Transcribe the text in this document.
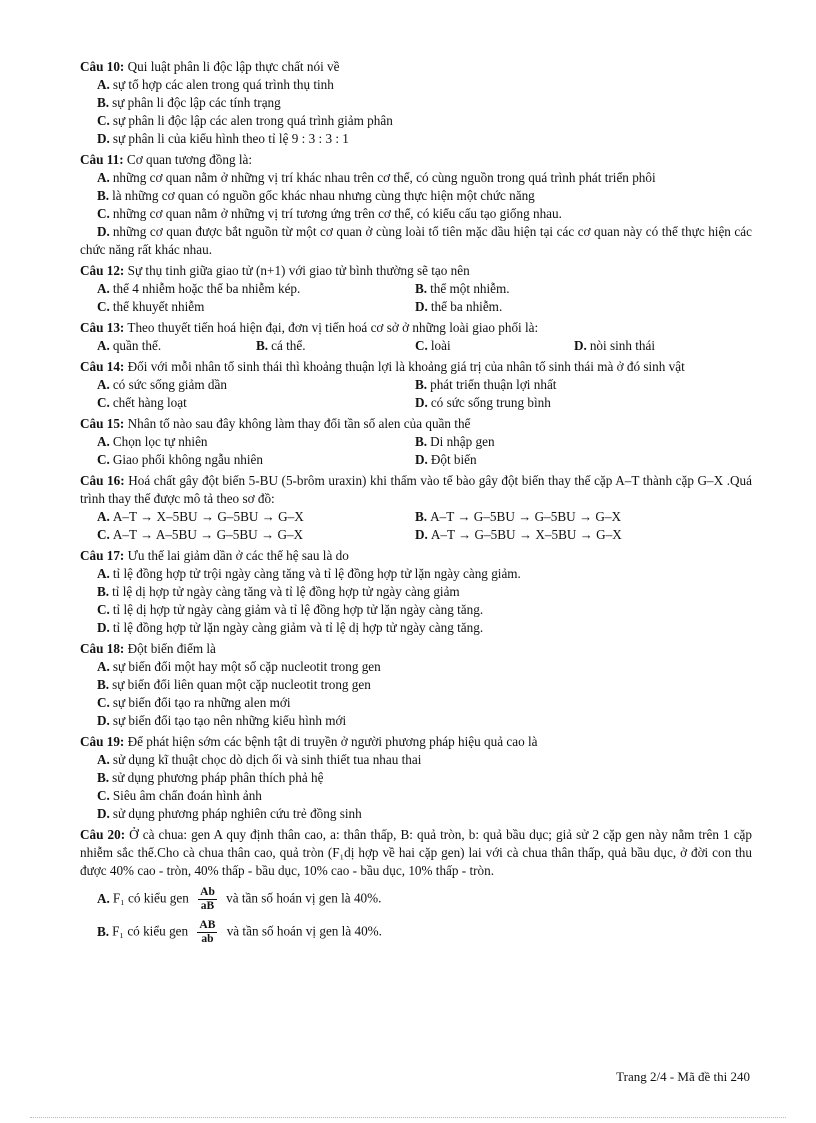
Câu 10: Qui luật phân li độc lập thực chất nói về
A. sự tổ hợp các alen trong quá trình thụ tinh
B. sự phân li độc lập các tính trạng
C. sự phân li độc lập các alen trong quá trình giảm phân
D. sự phân li của kiểu hình theo tỉ lệ 9 : 3 : 3 : 1
Câu 11: Cơ quan tương đồng là:
A. những cơ quan nằm ở những vị trí khác nhau trên cơ thể, có cùng nguồn trong quá trình phát triển phôi
B. là những cơ quan có nguồn gốc khác nhau nhưng cùng thực hiện một chức năng
C. những cơ quan nằm ở những vị trí tương ứng trên cơ thể, có kiểu cấu tạo giống nhau.
D. những cơ quan được bắt nguồn từ một cơ quan ở cùng loài tổ tiên mặc dầu hiện tại các cơ quan này có thể thực hiện các chức năng rất khác nhau.
Câu 12: Sự thụ tinh giữa giao tử (n+1) với giao tử bình thường sẽ tạo nên
A. thể 4 nhiễm hoặc thể ba nhiễm kép.	B. thể một nhiễm.
C. thể khuyết nhiễm	D. thể ba nhiễm.
Câu 13: Theo thuyết tiến hoá hiện đại, đơn vị tiến hoá cơ sở ở những loài giao phối là:
A. quần thể.	B. cá thể.	C. loài	D. nòi sinh thái
Câu 14: Đối với mỗi nhân tố sinh thái thì khoảng thuận lợi là khoảng giá trị của nhân tố sinh thái mà ở đó sinh vật
A. có sức sống giảm dần	B. phát triển thuận lợi nhất
C. chết hàng loạt	D. có sức sống trung bình
Câu 15: Nhân tố nào sau đây không làm thay đổi tần số alen của quần thể
A. Chọn lọc tự nhiên	B. Di nhập gen
C. Giao phối không ngẫu nhiên	D. Đột biến
Câu 16: Hoá chất gây đột biến 5-BU (5-brôm uraxin) khi thấm vào tế bào gây đột biến thay thế cặp A–T thành cặp G–X .Quá trình thay thế được mô tả theo sơ đồ:
A. A–T → X–5BU → G–5BU → G–X	B. A–T → G–5BU → G–5BU → G–X
C. A–T → A–5BU → G–5BU → G–X	D. A–T → G–5BU → X–5BU → G–X
Câu 17: Ưu thế lai giảm dần ở các thế hệ sau là do
A. tỉ lệ đồng hợp tử trội ngày càng tăng và tỉ lệ đồng hợp tử lặn ngày càng giảm.
B. tỉ lệ dị hợp tử ngày càng tăng và tỉ lệ đồng hợp tử ngày càng giảm
C. tỉ lệ dị hợp tử ngày càng giảm và tỉ lệ đồng hợp tử lặn ngày càng tăng.
D. tỉ lệ đồng hợp tử lặn ngày càng giảm và tỉ lệ dị hợp tử ngày càng tăng.
Câu 18: Đột biến điểm là
A. sự biến đổi một hay một số cặp nucleotit trong gen
B. sự biến đổi liên quan một cặp nucleotit trong gen
C. sự biến đổi tạo ra những alen mới
D. sự biến đổi tạo tạo nên những kiểu hình mới
Câu 19: Để phát hiện sớm các bệnh tật di truyền ở người phương pháp hiệu quả cao là
A. sử dụng kĩ thuật chọc dò dịch ối và sinh thiết tua nhau thai
B. sử dụng phương pháp phân thích phả hệ
C. Siêu âm chẩn đoán hình ảnh
D. sử dụng phương pháp nghiên cứu trẻ đồng sinh
Câu 20: Ở cà chua: gen A quy định thân cao, a: thân thấp, B: quả tròn, b: quả bầu dục; giả sử 2 cặp gen này nằm trên 1 cặp nhiễm sắc thể.Cho cà chua thân cao, quả tròn (F₁dị hợp về hai cặp gen) lai với cà chua thân thấp, quả bầu dục, ở đời con thu được 40% cao - tròn, 40% thấp - bầu dục, 10% cao - bầu dục, 10% thấp - tròn.
A. F₁ có kiểu gen $\frac{Ab}{aB}$ và tần số hoán vị gen là 40%.
B. F₁ có kiểu gen $\frac{AB}{ab}$ và tần số hoán vị gen là 40%.
Trang 2/4 - Mã đề thi 240
